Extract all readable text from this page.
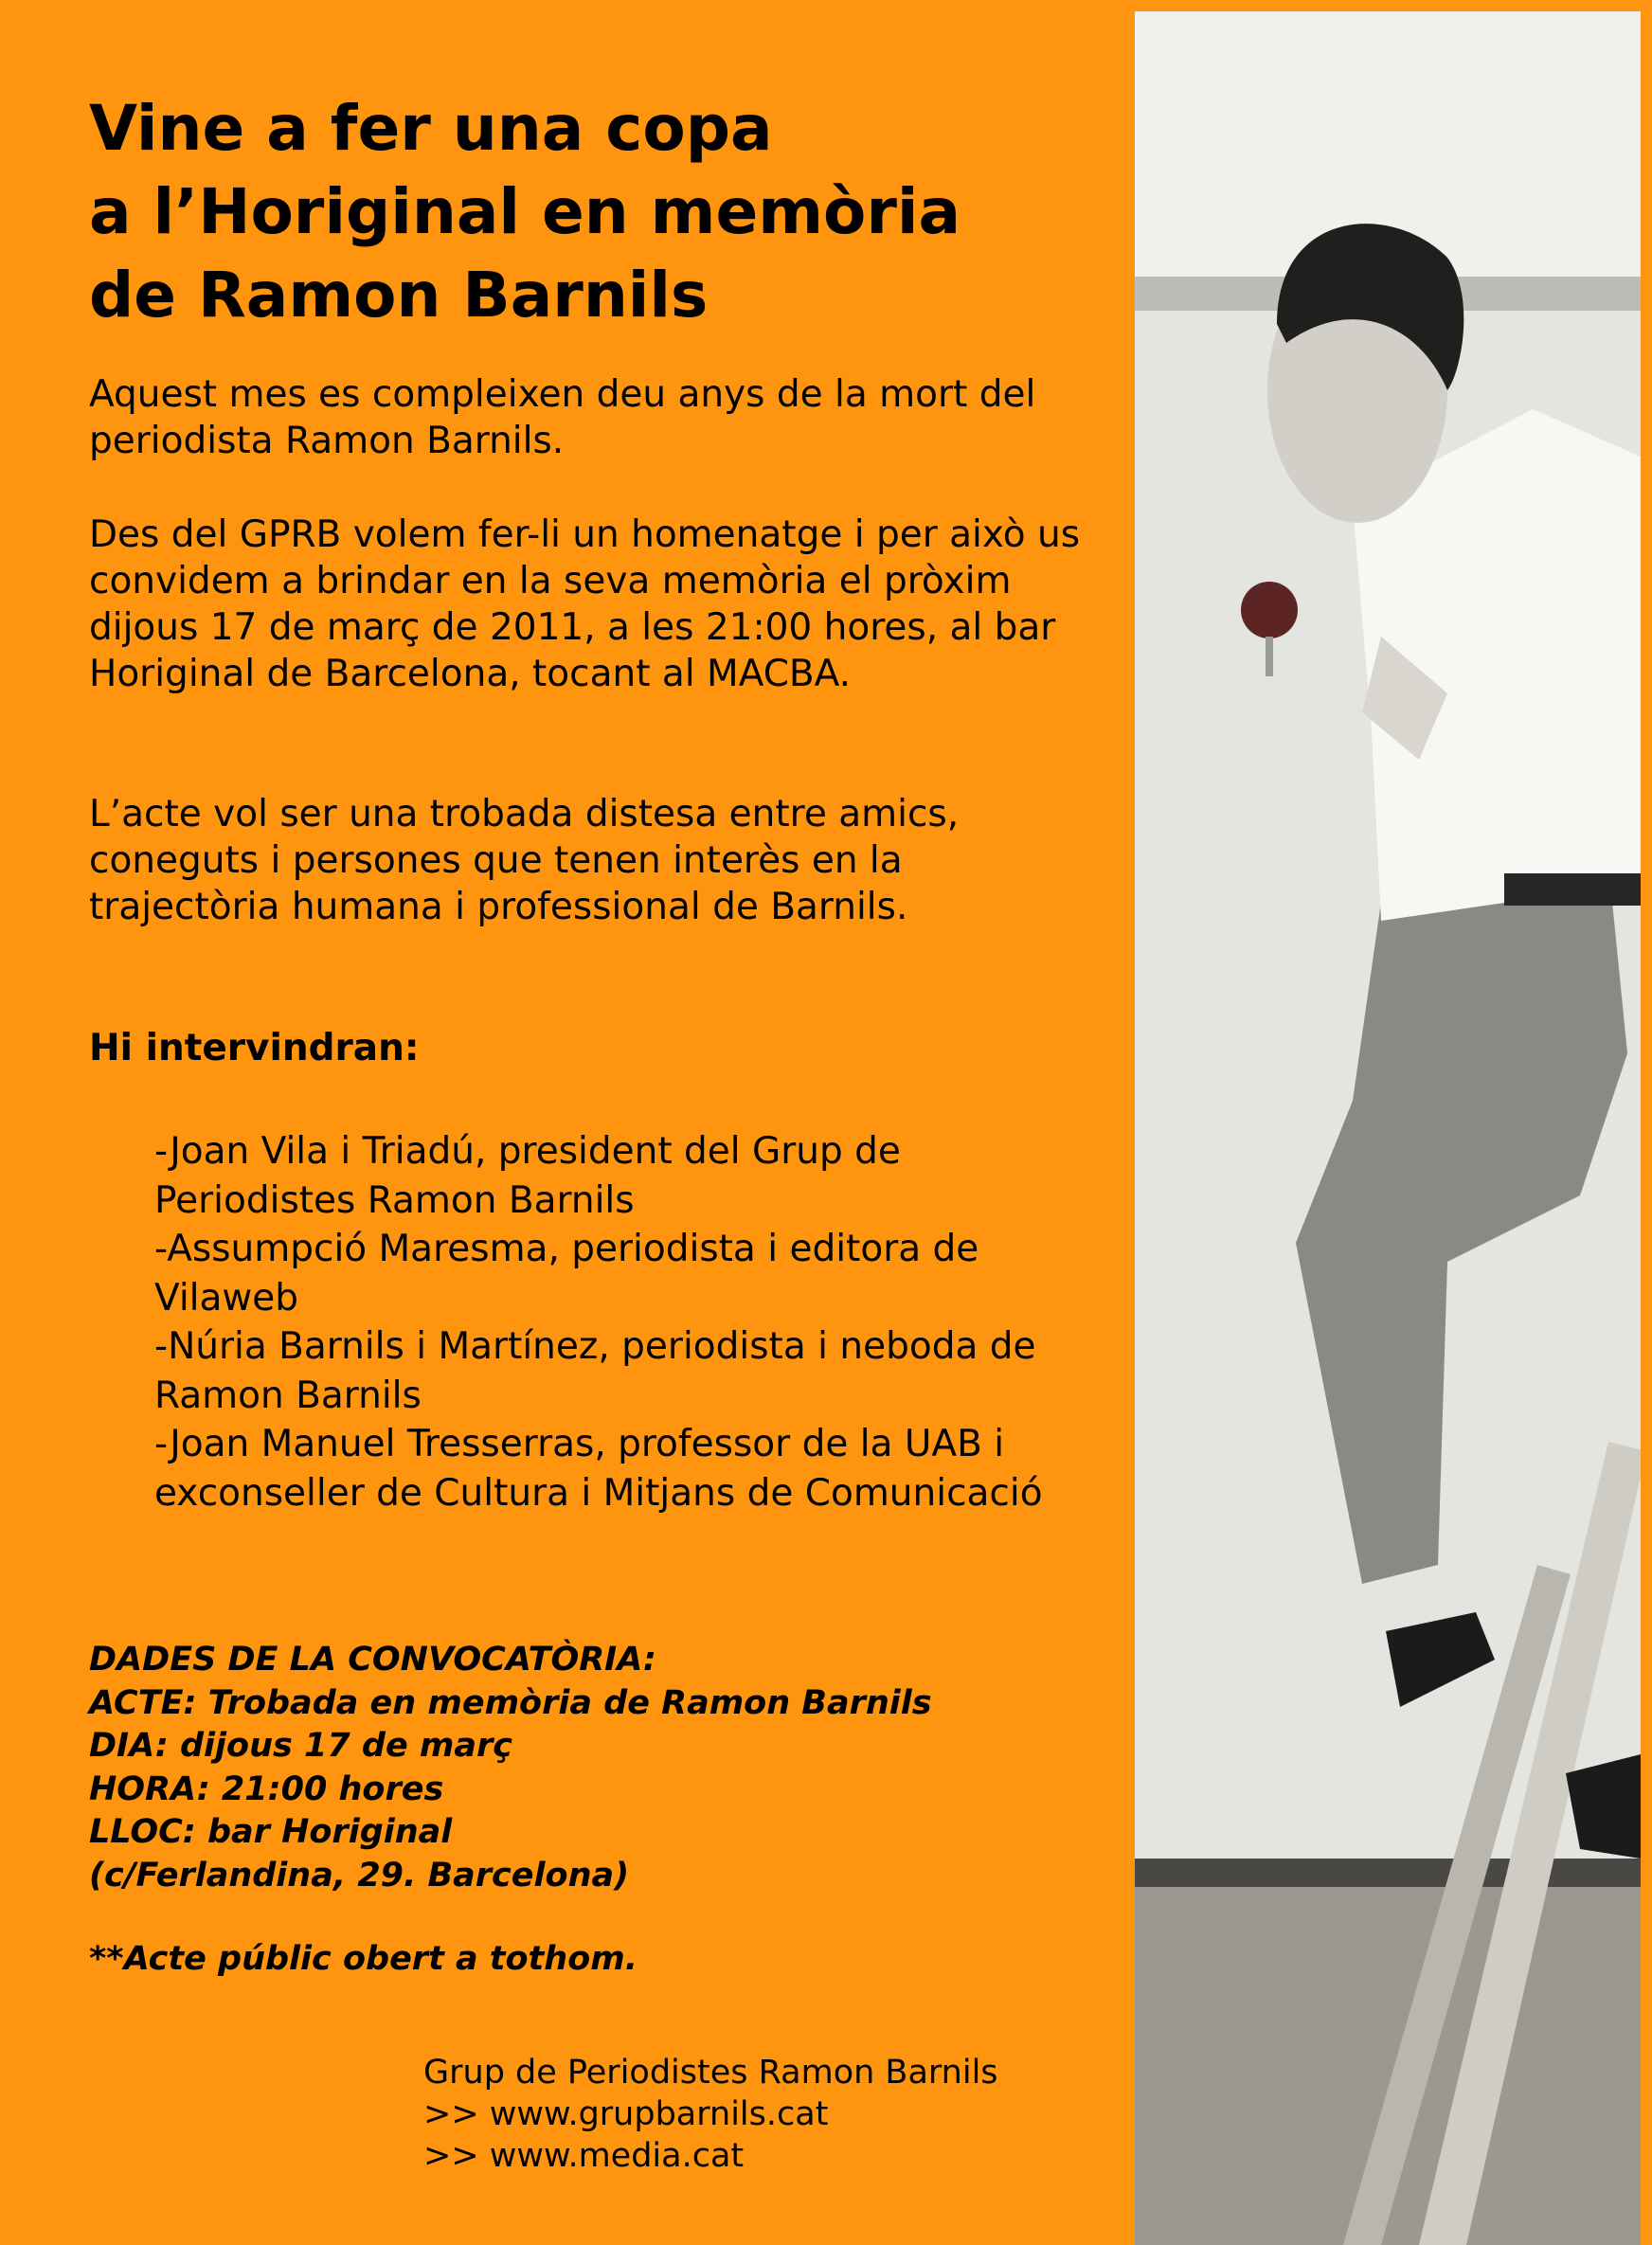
Vine a fer una copa
a l’Horiginal en memòria
de Ramon Barnils

Aquest mes es compleixen deu anys de la mort del periodista Ramon Barnils.

Des del GPRB volem fer-li un homenatge i per això us convidem a brindar en la seva memòria el pròxim dijous 17 de març de 2011, a les 21:00 hores, al bar Horiginal de Barcelona, tocant al MACBA.

L’acte vol ser una trobada distesa entre amics, coneguts i persones que tenen interès en la trajectòria humana i professional de Barnils.

Hi intervindran:

-Joan Vila i Triadú, president del Grup de Periodistes Ramon Barnils
-Assumpció Maresma, periodista i editora de Vilaweb
-Núria Barnils i Martínez, periodista i neboda de Ramon Barnils
-Joan Manuel Tresserras, professor de la UAB i exconseller de Cultura i Mitjans de Comunicació
DADES DE LA CONVOCATÒRIA:
ACTE: Trobada en memòria de Ramon Barnils
DIA: dijous 17 de març
HORA: 21:00 hores
LLOC: bar Horiginal
(c/Ferlandina, 29. Barcelona)

**Acte públic obert a tothom.

Grup de Periodistes Ramon Barnils
>> www.grupbarnils.cat
>> www.media.cat
